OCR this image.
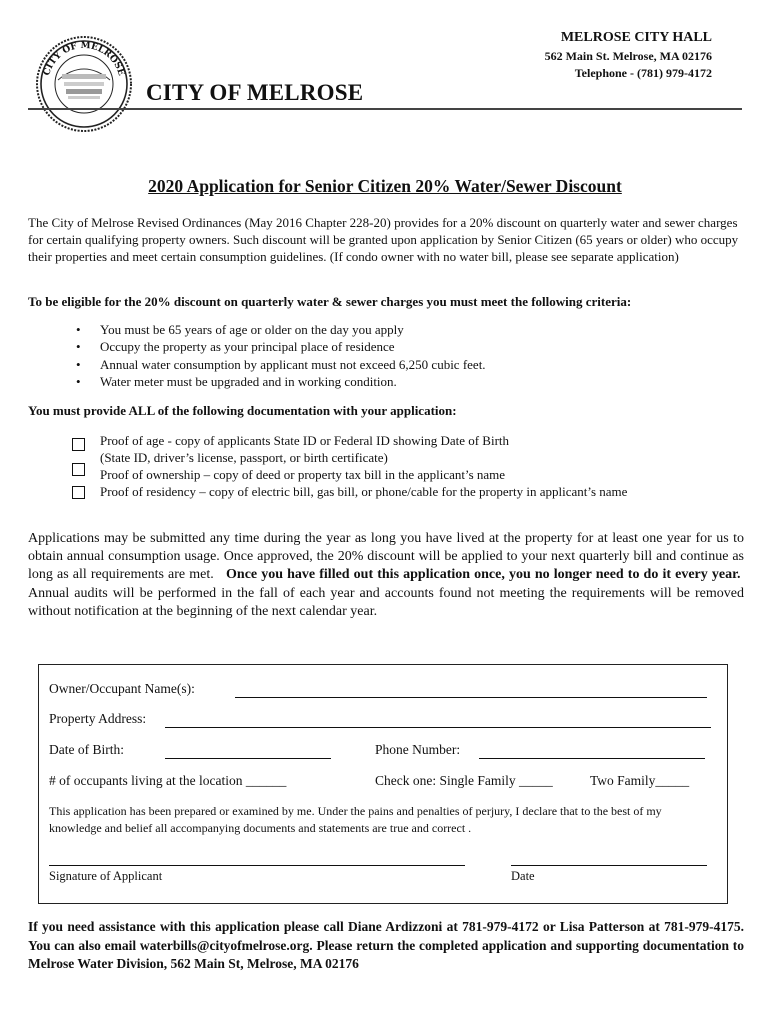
CITY OF MELROSE
CITY OF MELROSE
MELROSE CITY HALL
562 Main St. Melrose, MA 02176
Telephone - (781) 979-4172
2020 Application for Senior Citizen 20% Water/Sewer Discount
The City of Melrose Revised Ordinances (May 2016 Chapter 228-20) provides for a 20% discount on quarterly water and sewer charges for certain qualifying property owners. Such discount will be granted upon application by Senior Citizen (65 years or older) who occupy their properties and meet certain consumption guidelines. (If condo owner with no water bill, please see separate application)
To be eligible for the 20% discount on quarterly water & sewer charges you must meet the following criteria:
• You must be 65 years of age or older on the day you apply
• Occupy the property as your principal place of residence
• Annual water consumption by applicant must not exceed 6,250 cubic feet.
• Water meter must be upgraded and in working condition.
You must provide ALL of the following documentation with your application:
Proof of age - copy of applicants State ID or Federal ID showing Date of Birth
(State ID, driver’s license, passport, or birth certificate)
Proof of ownership – copy of deed or property tax bill in the applicant’s name
Proof of residency – copy of electric bill, gas bill, or phone/cable for the property in applicant’s name
Applications may be submitted any time during the year as long you have lived at the property for at least one year for us to obtain annual consumption usage. Once approved, the 20% discount will be applied to your next quarterly bill and continue as long as all requirements are met. Once you have filled out this application once, you no longer need to do it every year.  Annual audits will be performed in the fall of each year and accounts found not meeting the requirements will be removed without notification at the beginning of the next calendar year.
Owner/Occupant Name(s):
Property Address:
Date of Birth:	Phone Number:
# of occupants living at the location ______	Check one: Single Family _____	Two Family_____
This application has been prepared or examined by me. Under the pains and penalties of perjury, I declare that to the best of my knowledge and belief all accompanying documents and statements are true and correct .
Signature of Applicant	Date
If you need assistance with this application please call Diane Ardizzoni at 781-979-4172 or Lisa Patterson at 781-979-4175. You can also email waterbills@cityofmelrose.org. Please return the completed application and supporting documentation to Melrose Water Division, 562 Main St, Melrose, MA 02176
